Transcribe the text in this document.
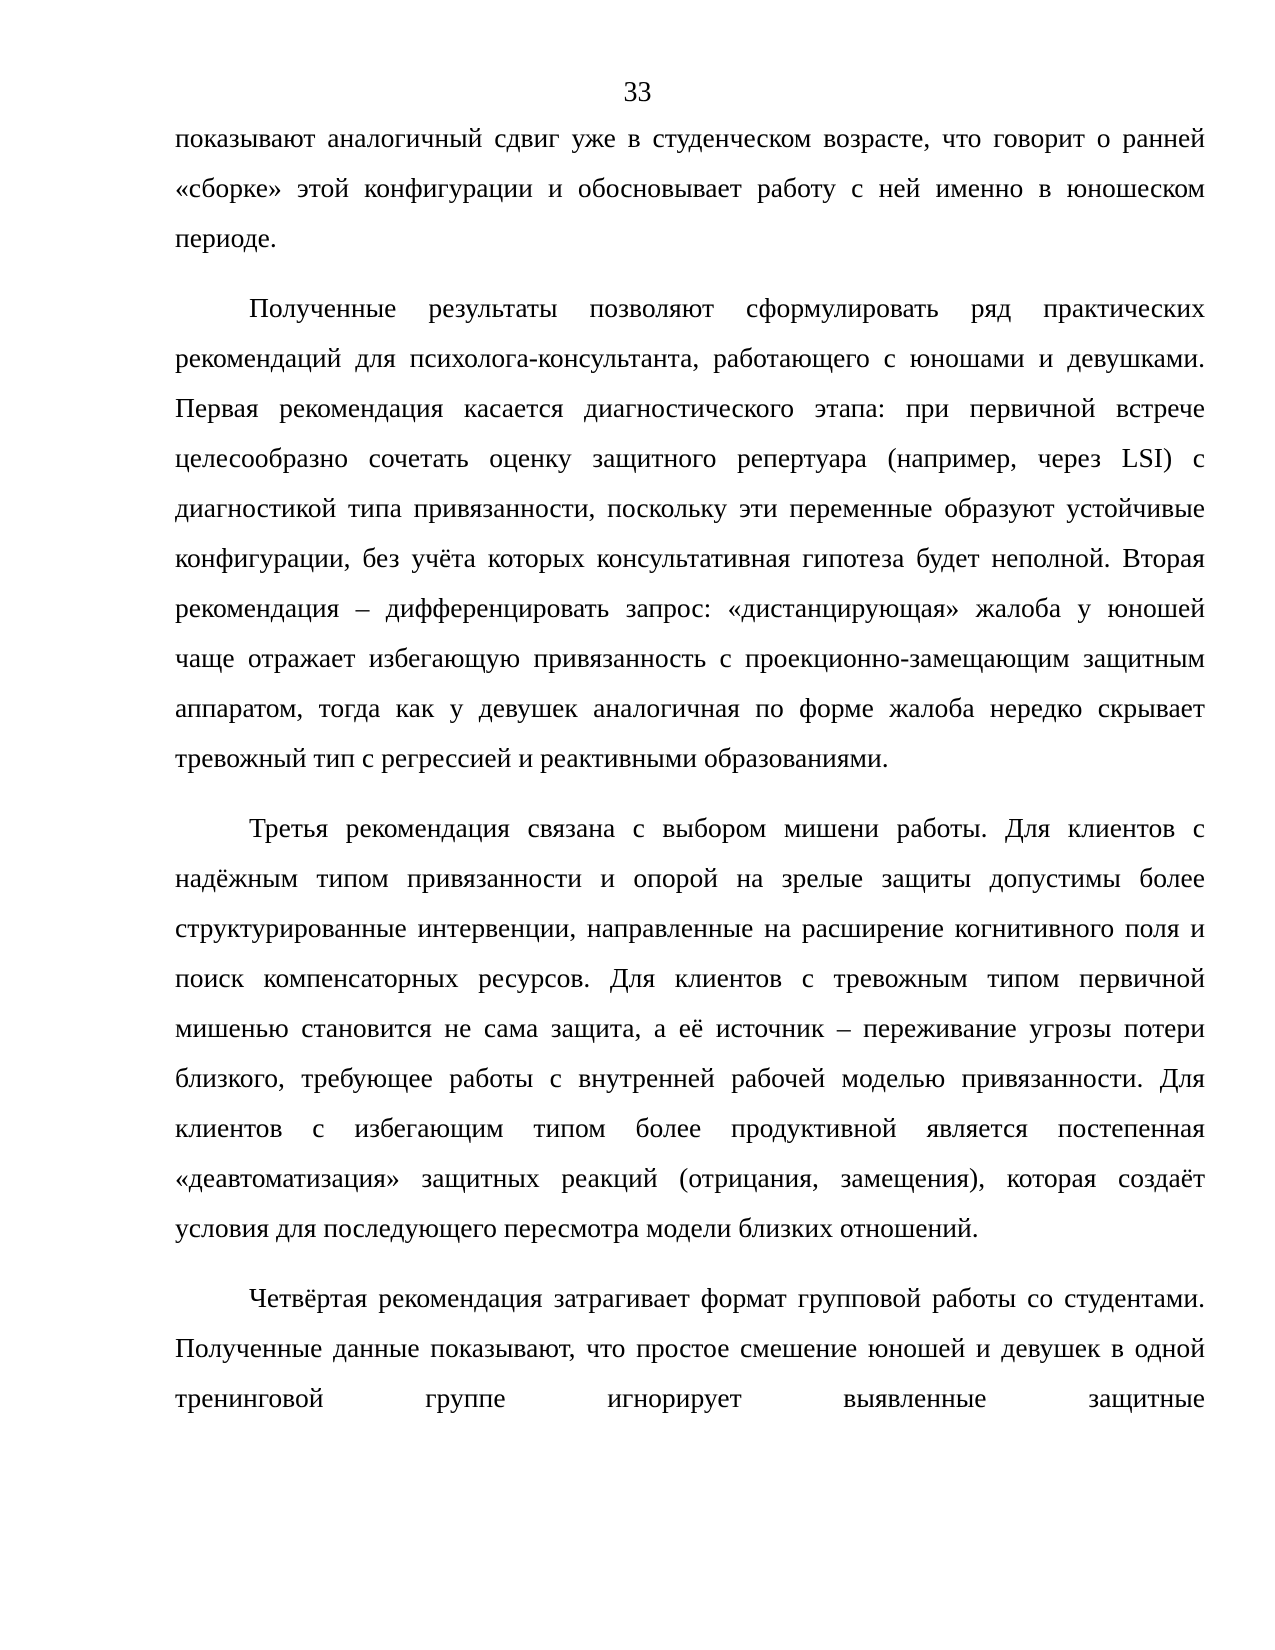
33

показывают аналогичный сдвиг уже в студенческом возрасте, что говорит о ранней «сборке» этой конфигурации и обосновывает работу с ней именно в юношеском периоде.

Полученные результаты позволяют сформулировать ряд практических рекомендаций для психолога-консультанта, работающего с юношами и девушками. Первая рекомендация касается диагностического этапа: при первичной встрече целесообразно сочетать оценку защитного репертуара (например, через LSI) с диагностикой типа привязанности, поскольку эти переменные образуют устойчивые конфигурации, без учёта которых консультативная гипотеза будет неполной. Вторая рекомендация – дифференцировать запрос: «дистанцирующая» жалоба у юношей чаще отражает избегающую привязанность с проекционно-замещающим защитным аппаратом, тогда как у девушек аналогичная по форме жалоба нередко скрывает тревожный тип с регрессией и реактивными образованиями.

Третья рекомендация связана с выбором мишени работы. Для клиентов с надёжным типом привязанности и опорой на зрелые защиты допустимы более структурированные интервенции, направленные на расширение когнитивного поля и поиск компенсаторных ресурсов. Для клиентов с тревожным типом первичной мишенью становится не сама защита, а её источник – переживание угрозы потери близкого, требующее работы с внутренней рабочей моделью привязанности. Для клиентов с избегающим типом более продуктивной является постепенная «деавтоматизация» защитных реакций (отрицания, замещения), которая создаёт условия для последующего пересмотра модели близких отношений.

Четвёртая рекомендация затрагивает формат групповой работы со студентами. Полученные данные показывают, что простое смешение юношей и девушек в одной тренинговой группе игнорирует выявленные защитные
